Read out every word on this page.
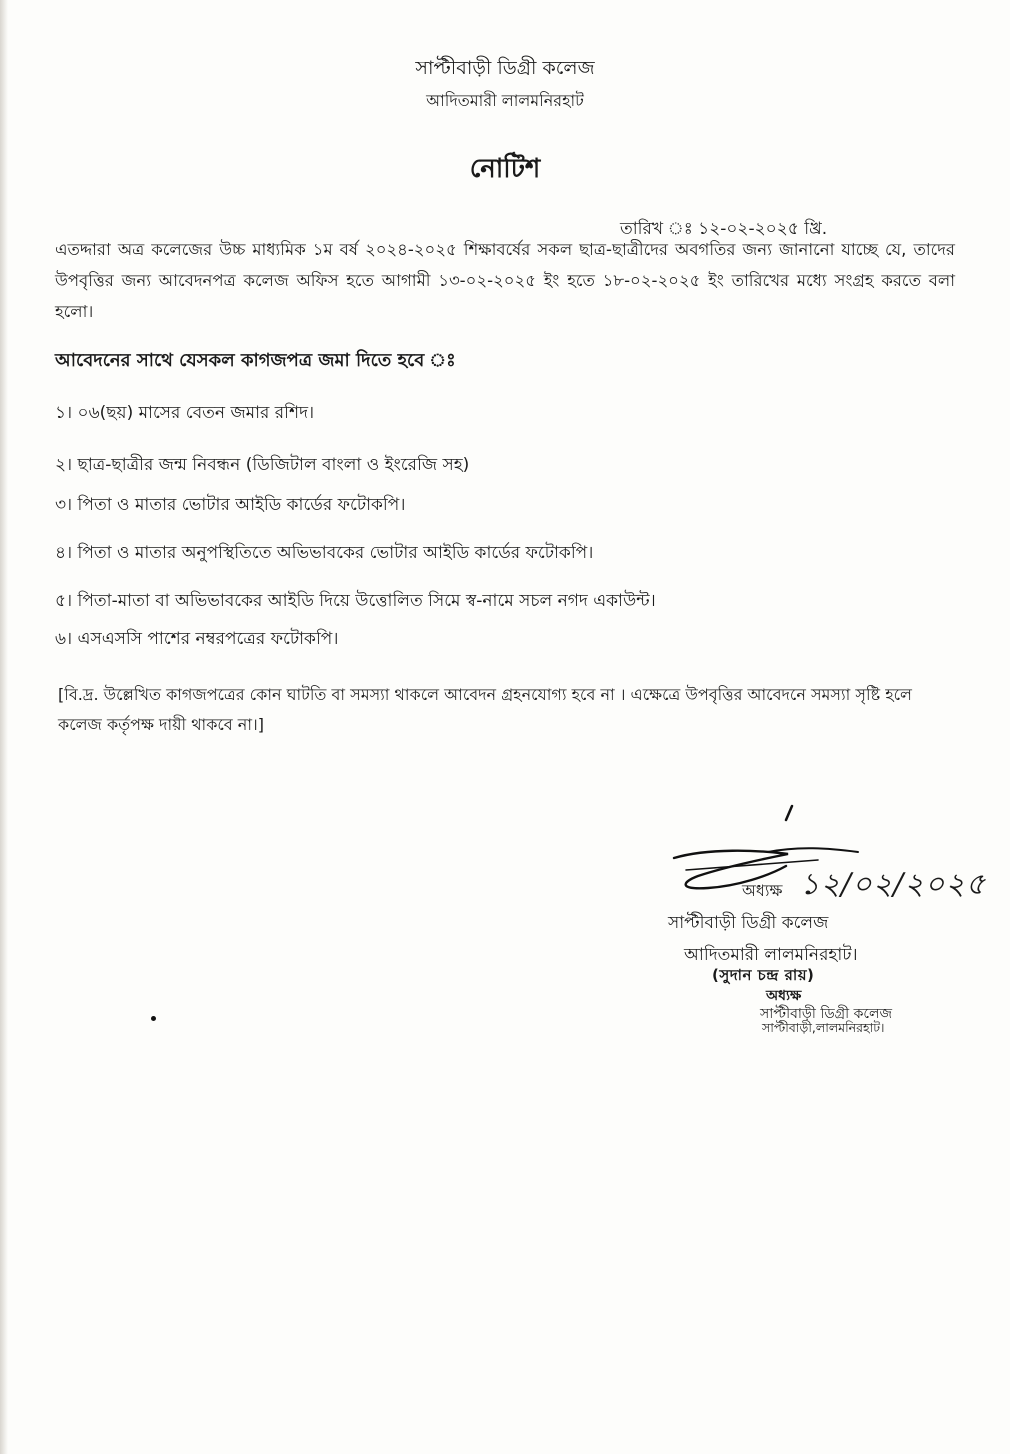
সাপ্টীবাড়ী ডিগ্রী কলেজ
আদিতমারী লালমনিরহাট
নোটিশ
তারিখ ঃ ১২-০২-২০২৫ খ্রি.
এতদ্দারা অত্র কলেজের উচ্চ মাধ্যমিক ১ম বর্ষ ২০২৪-২০২৫ শিক্ষাবর্ষের সকল ছাত্র-ছাত্রীদের অবগতির জন্য জানানো যাচ্ছে যে, তাদের উপবৃত্তির জন্য আবেদনপত্র কলেজ অফিস হতে আগামী ১৩-০২-২০২৫ ইং হতে ১৮-০২-২০২৫ ইং তারিখের মধ্যে সংগ্রহ করতে বলা হলো।
আবেদনের সাথে যেসকল কাগজপত্র জমা দিতে হবে ঃ
১। ০৬(ছয়) মাসের বেতন জমার রশিদ।
২। ছাত্র-ছাত্রীর জন্ম নিবন্ধন (ডিজিটাল বাংলা ও ইংরেজি সহ)
৩। পিতা ও মাতার ভোটার আইডি কার্ডের ফটোকপি।
৪। পিতা ও মাতার অনুপস্থিতিতে অভিভাবকের ভোটার আইডি কার্ডের ফটোকপি।
৫। পিতা-মাতা বা অভিভাবকের আইডি দিয়ে উত্তোলিত সিমে স্ব-নামে সচল নগদ একাউন্ট।
৬। এসএসসি পাশের নম্বরপত্রের ফটোকপি।
[বি.দ্র. উল্লেখিত কাগজপত্রের কোন ঘাটতি বা সমস্যা থাকলে আবেদন গ্রহনযোগ্য হবে না । এক্ষেত্রে উপবৃত্তির আবেদনে সমস্যা সৃষ্টি হলে কলেজ কর্তৃপক্ষ দায়ী থাকবে না।]
১২/০২/২০২৫
অধ্যক্ষ
সাপ্টীবাড়ী ডিগ্রী কলেজ
আদিতমারী লালমনিরহাট।
(সুদান চন্দ্র রায়)
অধ্যক্ষ
সাপ্টীবাড়ী ডিগ্রী কলেজ
সাপ্টীবাড়ী,লালমনিরহাট।
